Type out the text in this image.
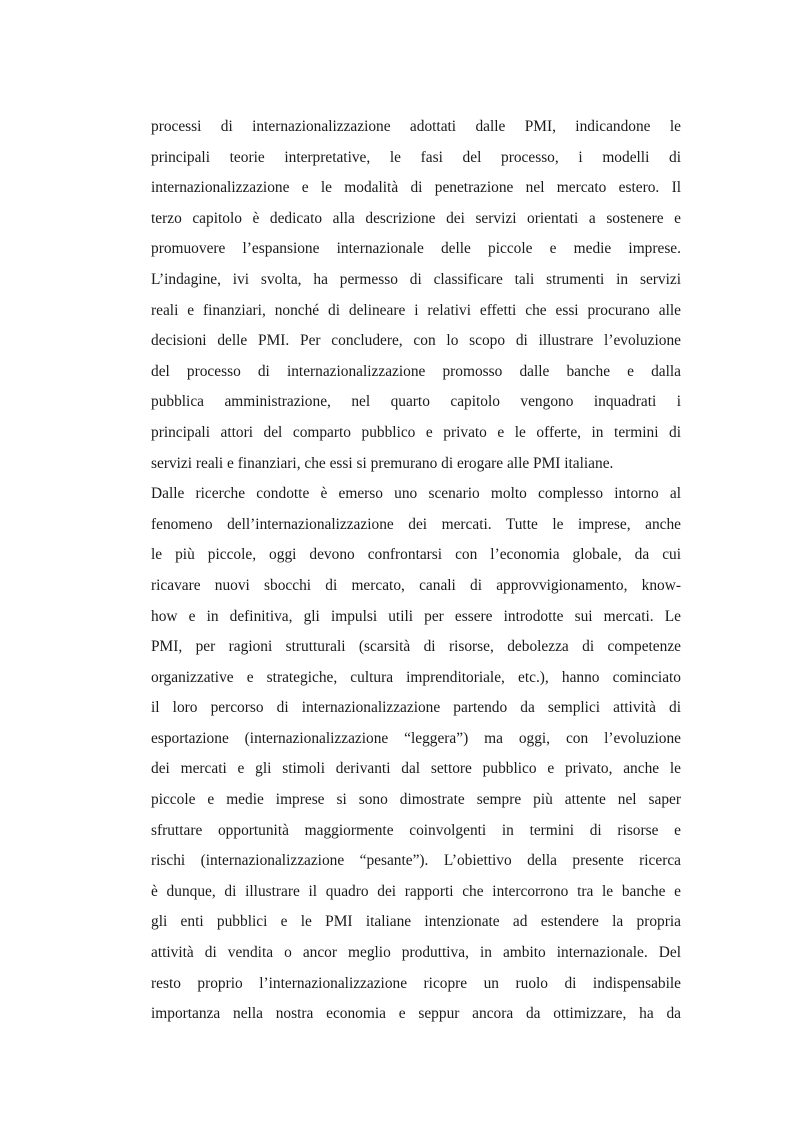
processi di internazionalizzazione adottati dalle PMI, indicandone le
principali teorie interpretative, le fasi del processo, i modelli di
internazionalizzazione e le modalità di penetrazione nel mercato estero. Il
terzo capitolo è dedicato alla descrizione dei servizi orientati a sostenere e
promuovere l’espansione internazionale delle piccole e medie imprese.
L’indagine, ivi svolta, ha permesso di classificare tali strumenti in servizi
reali e finanziari, nonché di delineare i relativi effetti che essi procurano alle
decisioni delle PMI. Per concludere, con lo scopo di illustrare l’evoluzione
del processo di internazionalizzazione promosso dalle banche e dalla
pubblica amministrazione, nel quarto capitolo vengono inquadrati i
principali attori del comparto pubblico e privato e le offerte, in termini di
servizi reali e finanziari, che essi si premurano di erogare alle PMI italiane.
Dalle ricerche condotte è emerso uno scenario molto complesso intorno al
fenomeno dell’internazionalizzazione dei mercati. Tutte le imprese, anche
le più piccole, oggi devono confrontarsi con l’economia globale, da cui
ricavare nuovi sbocchi di mercato, canali di approvvigionamento, know-
how e in definitiva, gli impulsi utili per essere introdotte sui mercati. Le
PMI, per ragioni strutturali (scarsità di risorse, debolezza di competenze
organizzative e strategiche, cultura imprenditoriale, etc.), hanno cominciato
il loro percorso di internazionalizzazione partendo da semplici attività di
esportazione (internazionalizzazione “leggera”) ma oggi, con l’evoluzione
dei mercati e gli stimoli derivanti dal settore pubblico e privato, anche le
piccole e medie imprese si sono dimostrate sempre più attente nel saper
sfruttare opportunità maggiormente coinvolgenti in termini di risorse e
rischi (internazionalizzazione “pesante”). L’obiettivo della presente ricerca
è dunque, di illustrare il quadro dei rapporti che intercorrono tra le banche e
gli enti pubblici e le PMI italiane intenzionate ad estendere la propria
attività di vendita o ancor meglio produttiva, in ambito internazionale. Del
resto proprio l’internazionalizzazione ricopre un ruolo di indispensabile
importanza nella nostra economia e seppur ancora da ottimizzare, ha da
